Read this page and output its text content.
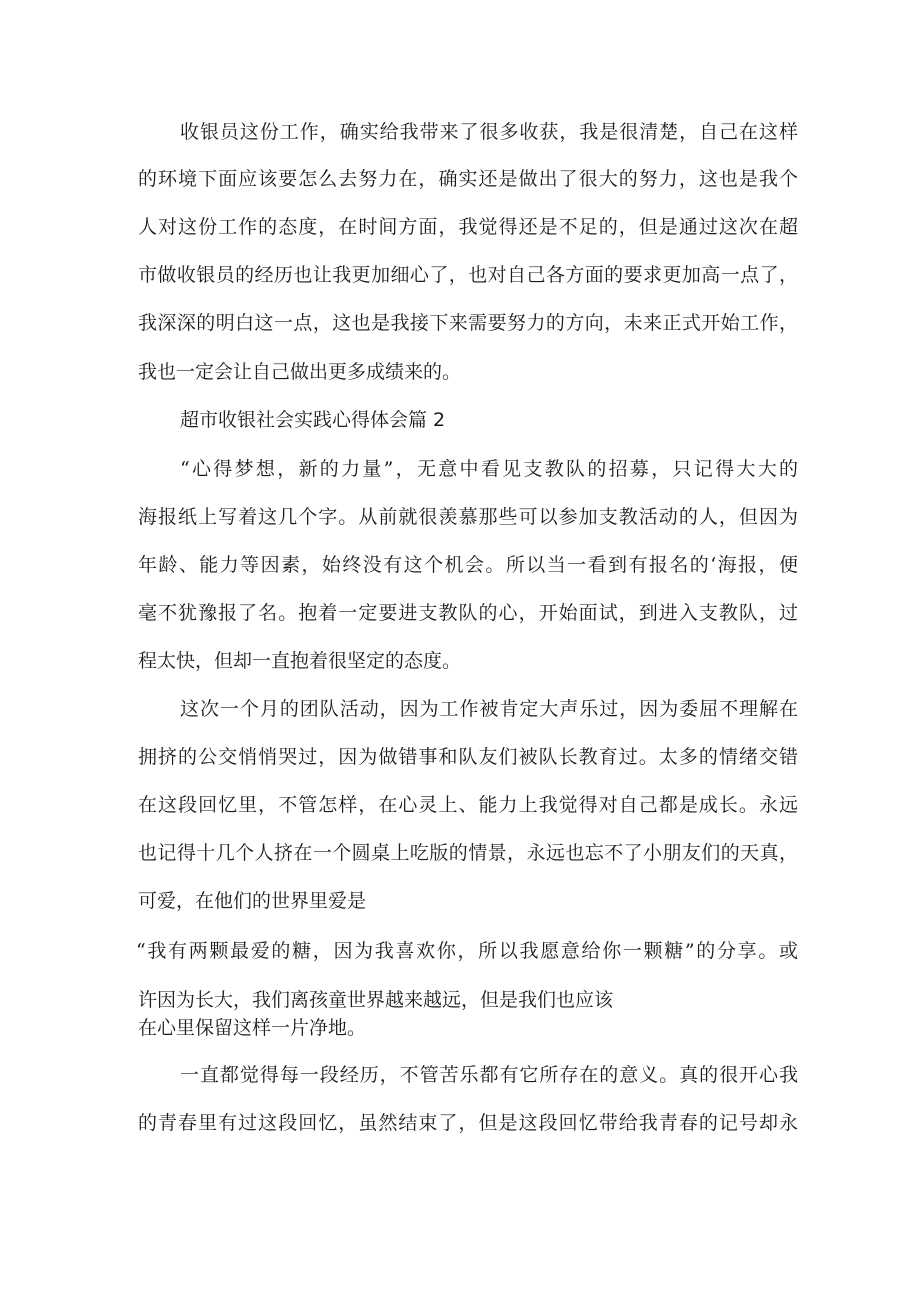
收银员这份工作，确实给我带来了很多收获，我是很清楚，自己在这样
的环境下面应该要怎么去努力在，确实还是做出了很大的努力，这也是我个
人对这份工作的态度，在时间方面，我觉得还是不足的，但是通过这次在超
市做收银员的经历也让我更加细心了，也对自己各方面的要求更加高一点了，
我深深的明白这一点，这也是我接下来需要努力的方向，未来正式开始工作，
我也一定会让自己做出更多成绩来的。
超市收银社会实践心得体会篇 2
“心得梦想，新的力量”，无意中看见支教队的招募，只记得大大的
海报纸上写着这几个字。从前就很羡慕那些可以参加支教活动的人，但因为
年龄、能力等因素，始终没有这个机会。所以当一看到有报名的‘海报，便
毫不犹豫报了名。抱着一定要进支教队的心，开始面试，到进入支教队，过
程太快，但却一直抱着很坚定的态度。
这次一个月的团队活动，因为工作被肯定大声乐过，因为委屈不理解在
拥挤的公交悄悄哭过，因为做错事和队友们被队长教育过。太多的情绪交错
在这段回忆里，不管怎样，在心灵上、能力上我觉得对自己都是成长。永远
也记得十几个人挤在一个圆桌上吃版的情景，永远也忘不了小朋友们的天真，
可爱，在他们的世界里爱是
“我有两颗最爱的糖，因为我喜欢你，所以我愿意给你一颗糖”的分享。或
许因为长大，我们离孩童世界越来越远，但是我们也应该
在心里保留这样一片净地。
一直都觉得每一段经历，不管苦乐都有它所存在的意义。真的很开心我
的青春里有过这段回忆，虽然结束了，但是这段回忆带给我青春的记号却永
